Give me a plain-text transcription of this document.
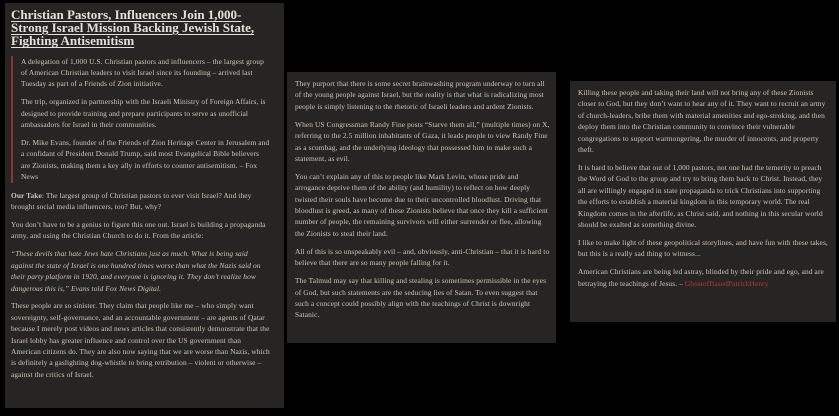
Christian Pastors, Influencers Join 1,000-Strong Israel Mission Backing Jewish State, Fighting Antisemitism

A delegation of 1,000 U.S. Christian pastors and influencers – the largest group of American Christian leaders to visit Israel since its founding – arrived last Tuesday as part of a Friends of Zion initiative.

The trip, organized in partnership with the Israeli Ministry of Foreign Affairs, is designed to provide training and prepare participants to serve as unofficial ambassadors for Israel in their communities.

Dr. Mike Evans, founder of the Friends of Zion Heritage Center in Jerusalem and a confidant of President Donald Trump, said most Evangelical Bible believers are Zionists, making them a key ally in efforts to counter antisemitism. – Fox News

Our Take: The largest group of Christian pastors to ever visit Israel? And they brought social media influencers, too? But, why?

You don’t have to be a genius to figure this one out. Israel is building a propaganda army, and using the Christian Church to do it. From the article:

“These devils that hate Jews hate Christians just as much. What is being said against the state of Israel is one hundred times worse than what the Nazis said on their party platform in 1920, and everyone is ignoring it. They don’t realize how dangerous this is,” Evans told Fox News Digital.

These people are so sinister. They claim that people like me – who simply want sovereignty, self-governance, and an accountable government – are agents of Qatar because I merely post videos and news articles that consistently demonstrate that the Israel lobby has greater influence and control over the US government than American citizens do. They are also now saying that we are worse than Nazis, which is definitely a gaslighting dog-whistle to bring retribution – violent or otherwise – against the critics of Israel.

They purport that there is some secret brainwashing program underway to turn all of the young people against Israel, but the reality is that what is radicalizing most people is simply listening to the rhetoric of Israeli leaders and ardent Zionists.

When US Congressman Randy Fine posts “Starve them all,” (multiple times) on X, referring to the 2.5 million inhabitants of Gaza, it leads people to view Randy Fine as a scumbag, and the underlying ideology that possessed him to make such a statement, as evil.

You can’t explain any of this to people like Mark Levin, whose pride and arrogance deprive them of the ability (and humility) to reflect on how deeply twisted their souls have become due to their uncontrolled bloodlust. Driving that bloodlust is greed, as many of these Zionists believe that once they kill a sufficient number of people, the remaining survivors will either surrender or flee, allowing the Zionists to steal their land.

All of this is so unspeakably evil – and, obviously, anti-Christian – that it is hard to believe that there are so many people falling for it.

The Talmud may say that killing and stealing is sometimes permissible in the eyes of God, but such statements are the seducing lies of Satan. To even suggest that such a concept could possibly align with the teachings of Christ is downright Satanic.

Killing these people and taking their land will not bring any of these Zionists closer to God, but they don’t want to hear any of it. They want to recruit an army of church-leaders, bribe them with material amenities and ego-stroking, and then deploy them into the Christian community to convince their vulnerable congregations to support warmongering, the murder of innocents, and property theft.

It is hard to believe that out of 1,000 pastors, not one had the temerity to preach the Word of God to the group and try to bring them back to Christ. Instead, they all are willingly engaged in state propaganda to trick Christians into supporting the efforts to establish a material kingdom in this temporary world. The real Kingdom comes in the afterlife, as Christ said, and nothing in this secular world should be exalted as something divine.

I like to make light of these geopolitical storylines, and have fun with these takes, but this is a really sad thing to witness...

American Christians are being led astray, blinded by their pride and ego, and are betraying the teachings of Jesus. – GhostofBasedPatrickHenry
